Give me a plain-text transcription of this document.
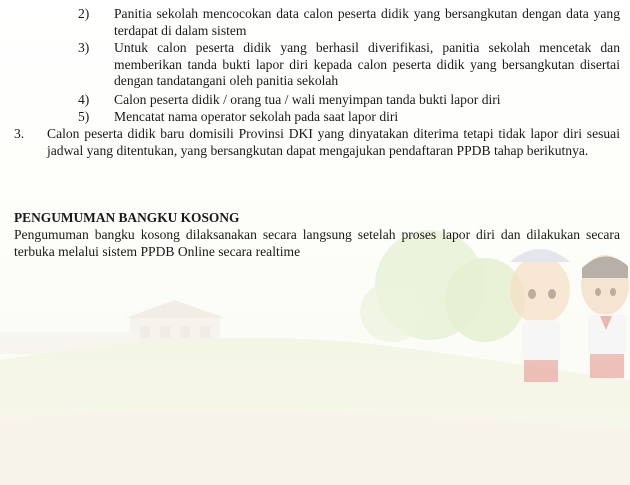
2) Panitia sekolah mencocokan data calon peserta didik yang bersangkutan dengan data yang terdapat di dalam sistem
3) Untuk calon peserta didik yang berhasil diverifikasi, panitia sekolah mencetak dan memberikan tanda bukti lapor diri kepada calon peserta didik yang bersangkutan disertai dengan tandatangani oleh panitia sekolah
4) Calon peserta didik / orang tua / wali menyimpan tanda bukti lapor diri
5) Mencatat nama operator sekolah pada saat lapor diri
3. Calon peserta didik baru domisili Provinsi DKI yang dinyatakan diterima tetapi tidak lapor diri sesuai jadwal yang ditentukan, yang bersangkutan dapat mengajukan pendaftaran PPDB tahap berikutnya.
PENGUMUMAN BANGKU KOSONG
Pengumuman bangku kosong dilaksanakan secara langsung setelah proses lapor diri dan dilakukan secara terbuka melalui sistem PPDB Online secara realtime
